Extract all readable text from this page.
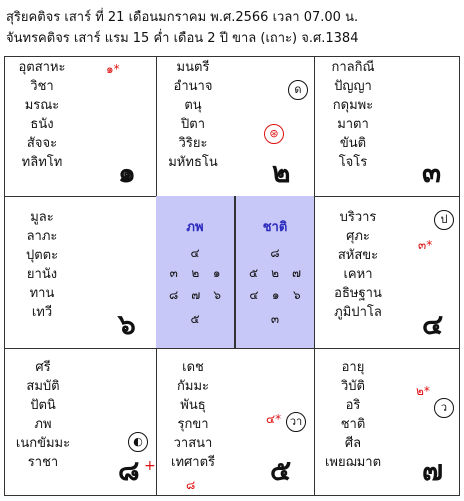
สุริยคติจร เสาร์ ที่ 21 เดือนมกราคม พ.ศ.2566 เวลา 07.00 น.
จันทรคติจร เสาร์ แรม 15 ค่ำ เดือน 2 ปี ขาล (เถาะ) จ.ศ.1384
อุตสาหะ
วิชา
มรณะ
ธนัง
สัจจะ
ทลิทโท
๑*
๑
มนตรี
อำนาจ
ตนุ
ปิตา
วิริยะ
มหัทธโน
ด
⊛
๒
กาลกิณี
ปัญญา
กดุมพะ
มาตา
ขันติ
โจโร	๓
มูละ
ลาภะ
ปุตตะ
ยานัง
ทาน
เทวี	๖
ภพ
๔
๓ ๒ ๑
๘ ๗ ๖
๕
ชาติ
๘
๕ ๒ ๗
๔ ๑ ๖
๓
บริวาร
ศุภะ
สหัสขะ
เคหา
อธิษฐาน
ภูมิปาโล
ป
๓*
๔
ศรี
สมบัติ
ปัตนิ
ภพ
เนกขัมมะ
ราชา
◐
๘ +
เดช
กัมมะ
พันธุ
รุกขา
วาสนา
เทศาตรี
๔* วา
๘	๕
อายุ
วิบัติ
อริ
ชาติ
ศีล
เพยฌมาต
๒*
ว
๗
